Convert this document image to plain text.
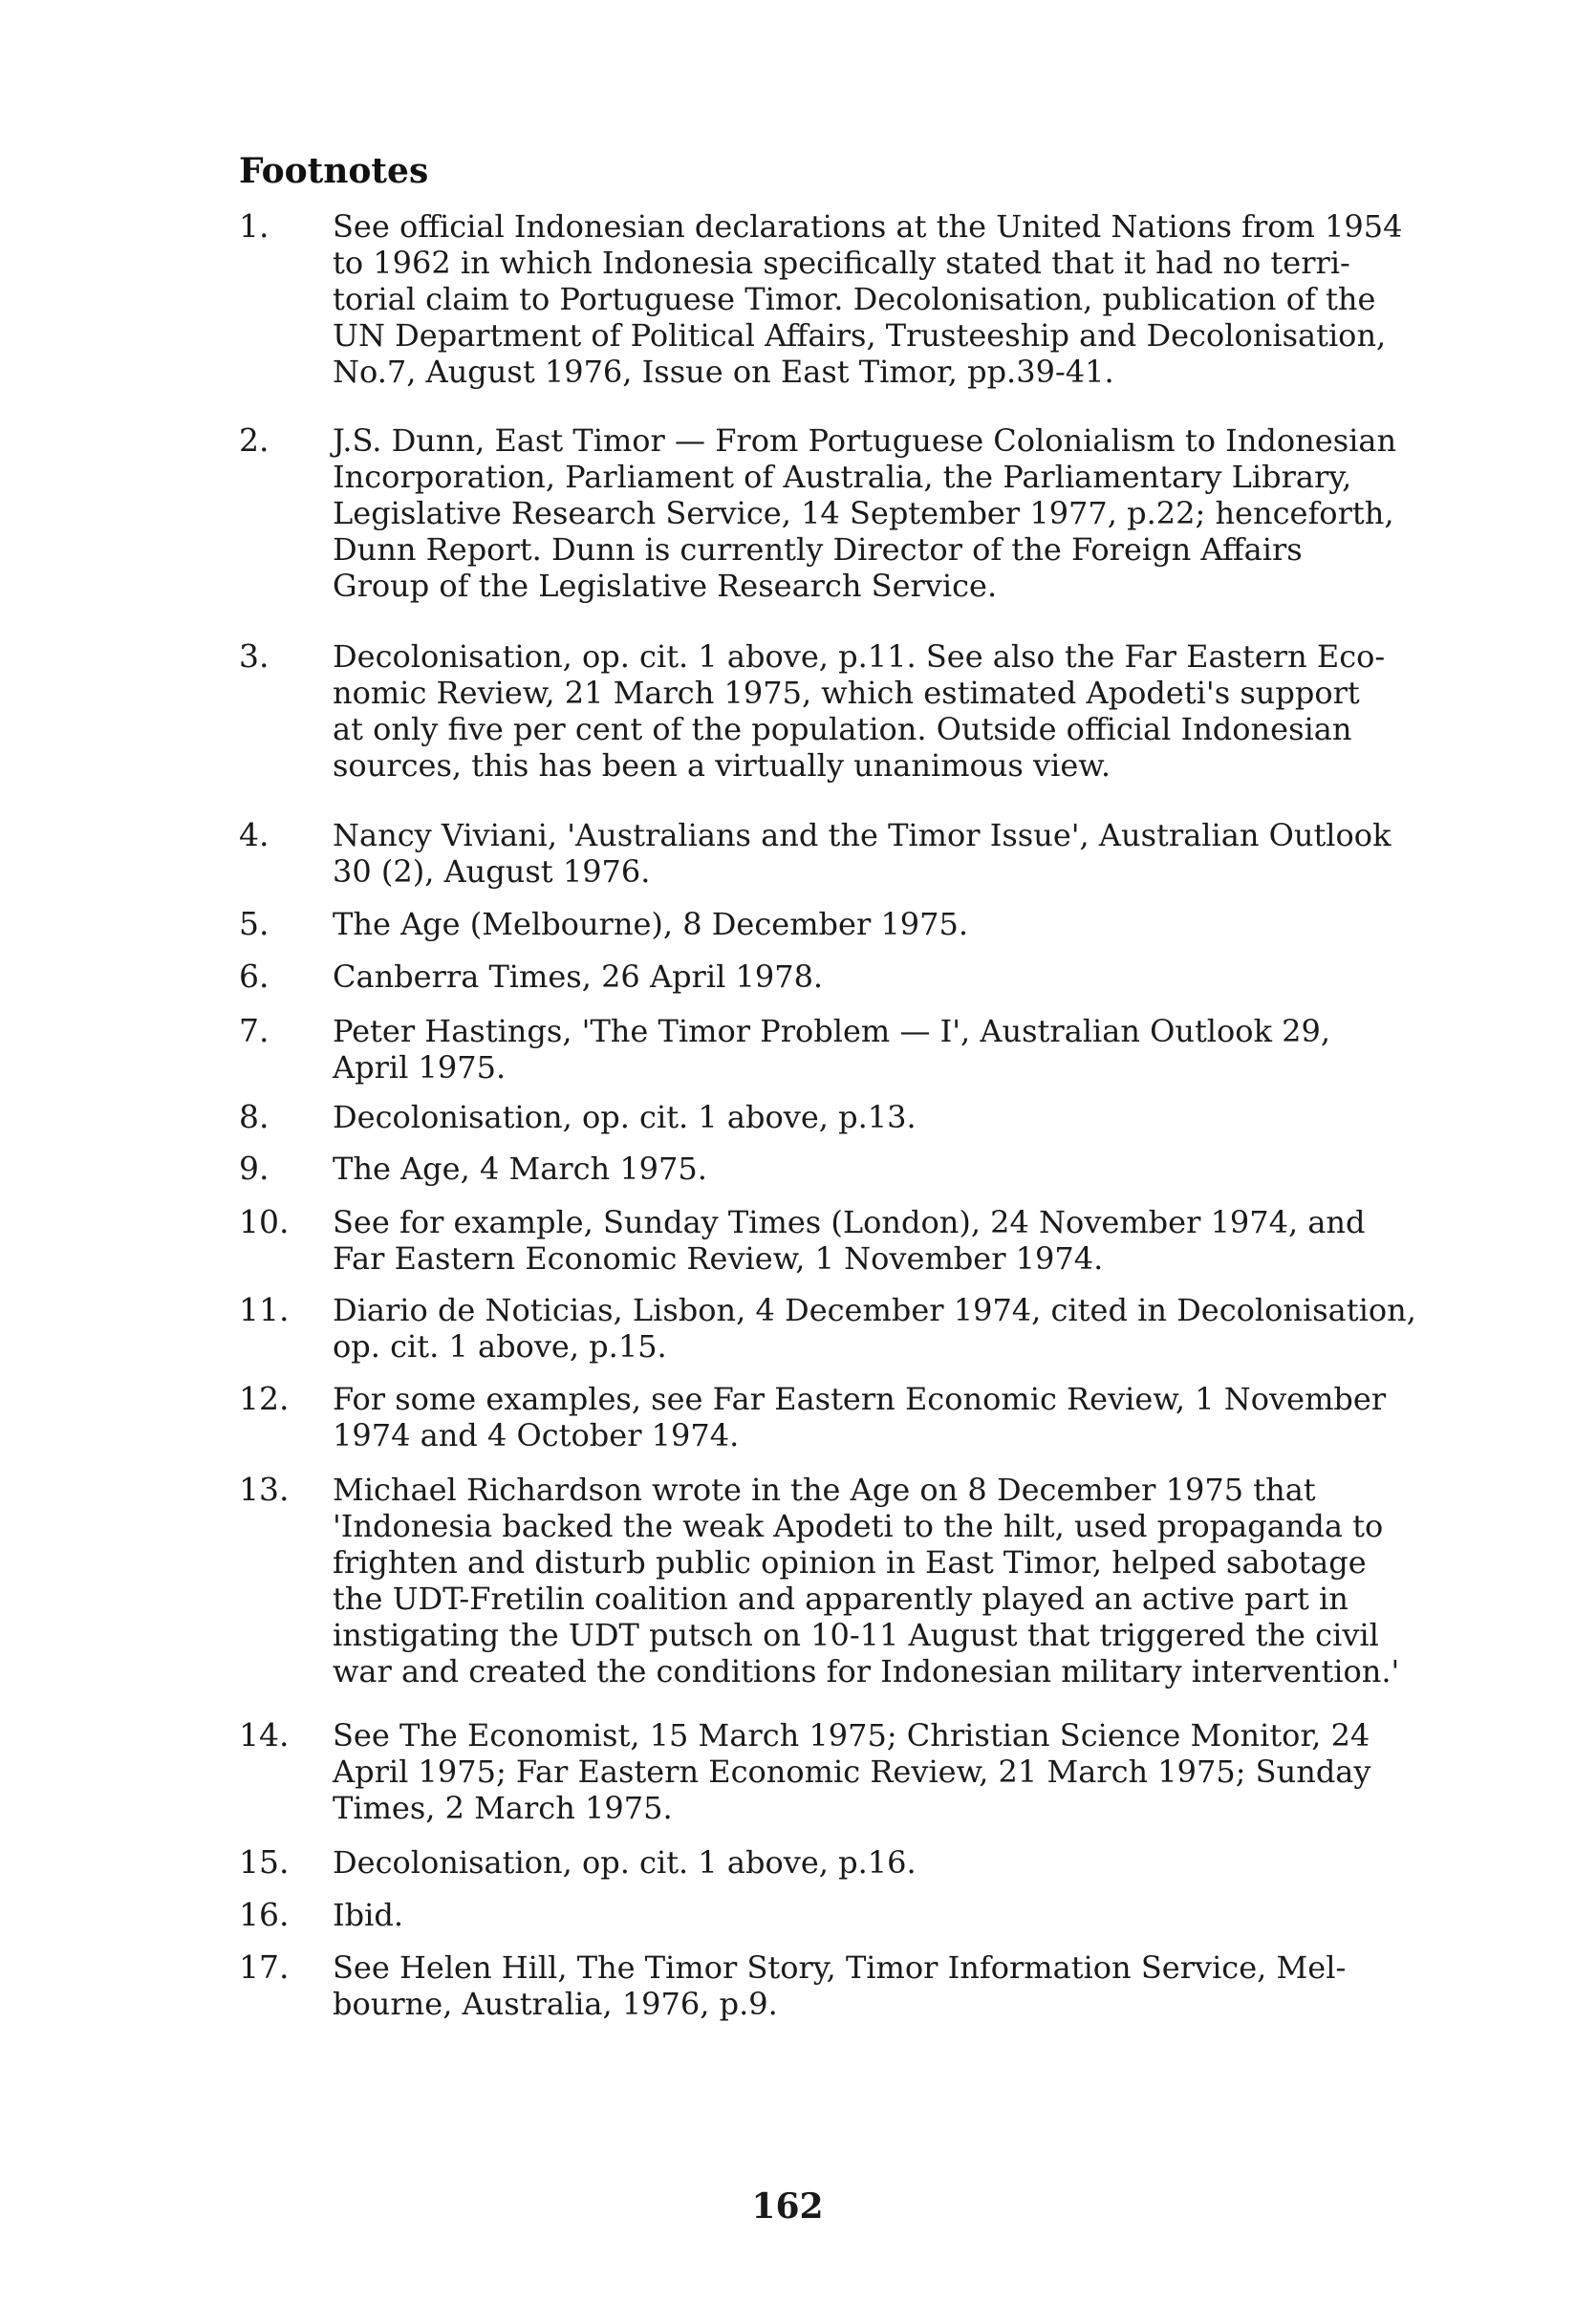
Footnotes
1.	See official Indonesian declarations at the United Nations from 1954
to 1962 in which Indonesia specifically stated that it had no terri-
torial claim to Portuguese Timor. Decolonisation, publication of the
UN Department of Political Affairs, Trusteeship and Decolonisation,
No.7, August 1976, Issue on East Timor, pp.39-41.
2.	J.S. Dunn, East Timor — From Portuguese Colonialism to Indonesian
Incorporation, Parliament of Australia, the Parliamentary Library,
Legislative Research Service, 14 September 1977, p.22; henceforth,
Dunn Report. Dunn is currently Director of the Foreign Affairs
Group of the Legislative Research Service.
3.	Decolonisation, op. cit. 1 above, p.11. See also the Far Eastern Eco-
nomic Review, 21 March 1975, which estimated Apodeti's support
at only five per cent of the population. Outside official Indonesian
sources, this has been a virtually unanimous view.
4.	Nancy Viviani, 'Australians and the Timor Issue', Australian Outlook
30 (2), August 1976.
5.	The Age (Melbourne), 8 December 1975.
6.	Canberra Times, 26 April 1978.
7.	Peter Hastings, 'The Timor Problem — I', Australian Outlook 29,
April 1975.
8.	Decolonisation, op. cit. 1 above, p.13.
9.	The Age, 4 March 1975.
10.	See for example, Sunday Times (London), 24 November 1974, and
Far Eastern Economic Review, 1 November 1974.
11.	Diario de Noticias, Lisbon, 4 December 1974, cited in Decolonisation,
op. cit. 1 above, p.15.
12.	For some examples, see Far Eastern Economic Review, 1 November
1974 and 4 October 1974.
13.	Michael Richardson wrote in the Age on 8 December 1975 that
'Indonesia backed the weak Apodeti to the hilt, used propaganda to
frighten and disturb public opinion in East Timor, helped sabotage
the UDT-Fretilin coalition and apparently played an active part in
instigating the UDT putsch on 10-11 August that triggered the civil
war and created the conditions for Indonesian military intervention.'
14.	See The Economist, 15 March 1975; Christian Science Monitor, 24
April 1975; Far Eastern Economic Review, 21 March 1975; Sunday
Times, 2 March 1975.
15.	Decolonisation, op. cit. 1 above, p.16.
16.	Ibid.
17.	See Helen Hill, The Timor Story, Timor Information Service, Mel-
bourne, Australia, 1976, p.9.
162
